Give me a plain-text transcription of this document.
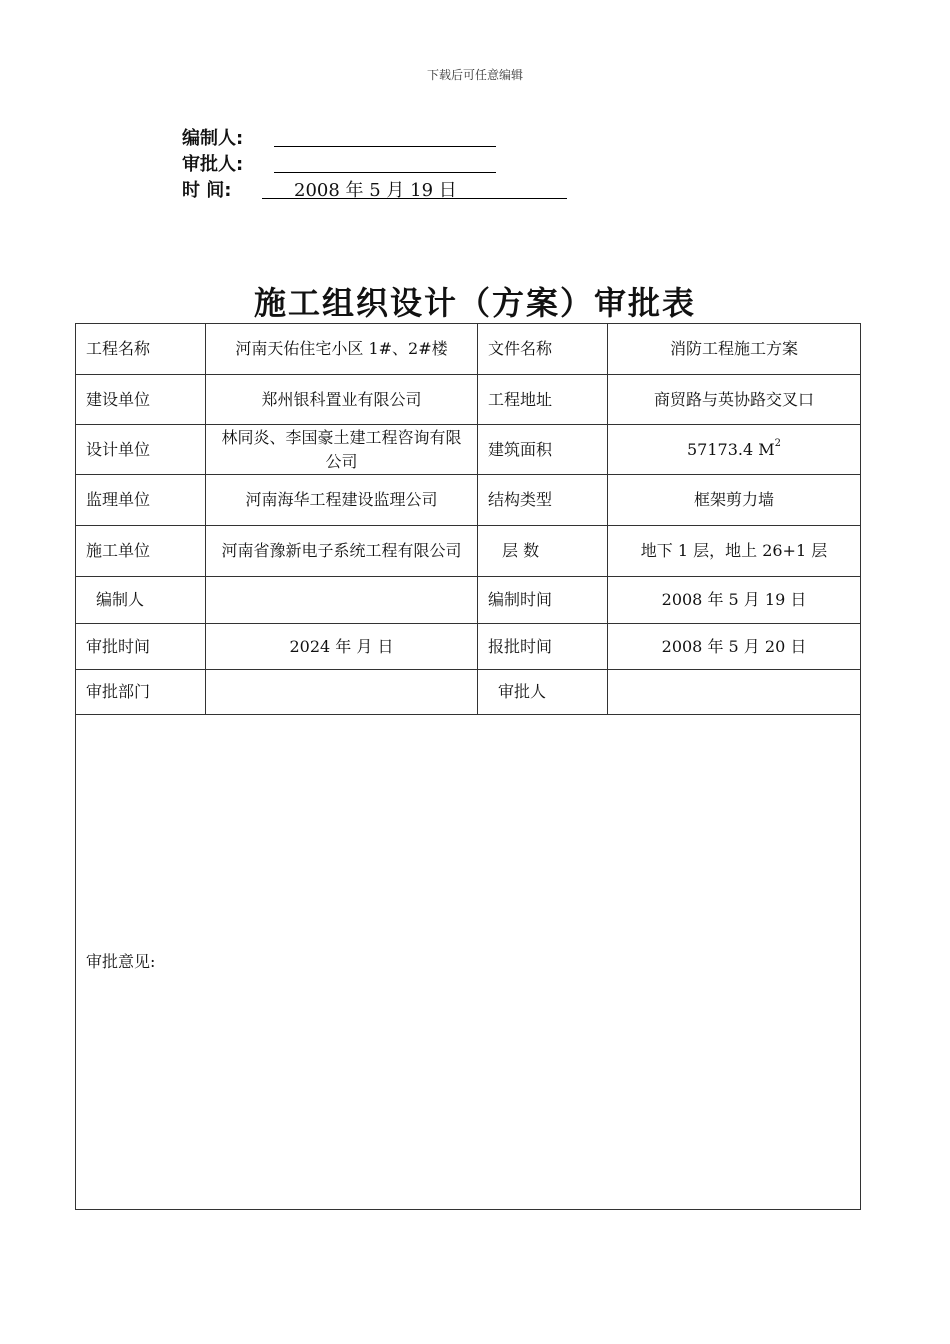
下载后可任意编辑
编制人:
审批人:
时 间:	2008 年 5 月 19 日
施工组织设计（方案）审批表
工程名称	河南天佑住宅小区 1#、2#楼	文件名称	消防工程施工方案
建设单位	郑州银科置业有限公司	工程地址	商贸路与英协路交叉口
设计单位	林同炎、李国豪土建工程咨询有限公司	建筑面积	57173.4 $M^2$
监理单位	河南海华工程建设监理公司	结构类型	框架剪力墙
施工单位	河南省豫新电子系统工程有限公司	层 数	地下 1 层，地上 26+1 层
编制人		编制时间	2008 年 5 月 19 日
审批时间	2024 年 月 日	报批时间	2008 年 5 月 20 日
审批部门		审批人	
审批意见:			
